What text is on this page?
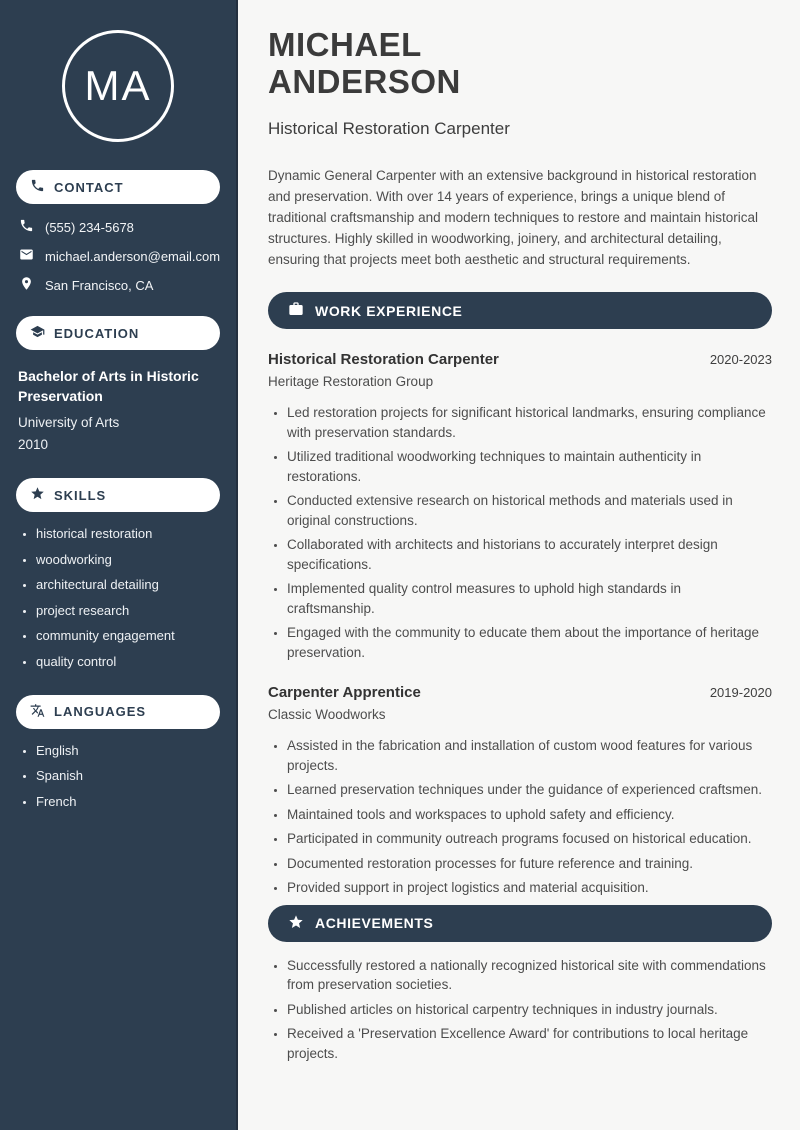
MA
CONTACT
(555) 234-5678
michael.anderson@email.com
San Francisco, CA
EDUCATION
Bachelor of Arts in Historic Preservation
University of Arts
2010
SKILLS
• historical restoration
• woodworking
• architectural detailing
• project research
• community engagement
• quality control
LANGUAGES
• English
• Spanish
• French
MICHAEL
ANDERSON
Historical Restoration Carpenter

Dynamic General Carpenter with an extensive background in historical restoration and preservation. With over 14 years of experience, brings a unique blend of traditional craftsmanship and modern techniques to restore and maintain historical structures. Highly skilled in woodworking, joinery, and architectural detailing, ensuring that projects meet both aesthetic and structural requirements.

WORK EXPERIENCE
Historical Restoration Carpenter	2020-2023
Heritage Restoration Group
• Led restoration projects for significant historical landmarks, ensuring compliance with preservation standards.
• Utilized traditional woodworking techniques to maintain authenticity in restorations.
• Conducted extensive research on historical methods and materials used in original constructions.
• Collaborated with architects and historians to accurately interpret design specifications.
• Implemented quality control measures to uphold high standards in craftsmanship.
• Engaged with the community to educate them about the importance of heritage preservation.
Carpenter Apprentice	2019-2020
Classic Woodworks
• Assisted in the fabrication and installation of custom wood features for various projects.
• Learned preservation techniques under the guidance of experienced craftsmen.
• Maintained tools and workspaces to uphold safety and efficiency.
• Participated in community outreach programs focused on historical education.
• Documented restoration processes for future reference and training.
• Provided support in project logistics and material acquisition.
ACHIEVEMENTS
• Successfully restored a nationally recognized historical site with commendations from preservation societies.
• Published articles on historical carpentry techniques in industry journals.
• Received a 'Preservation Excellence Award' for contributions to local heritage projects.
